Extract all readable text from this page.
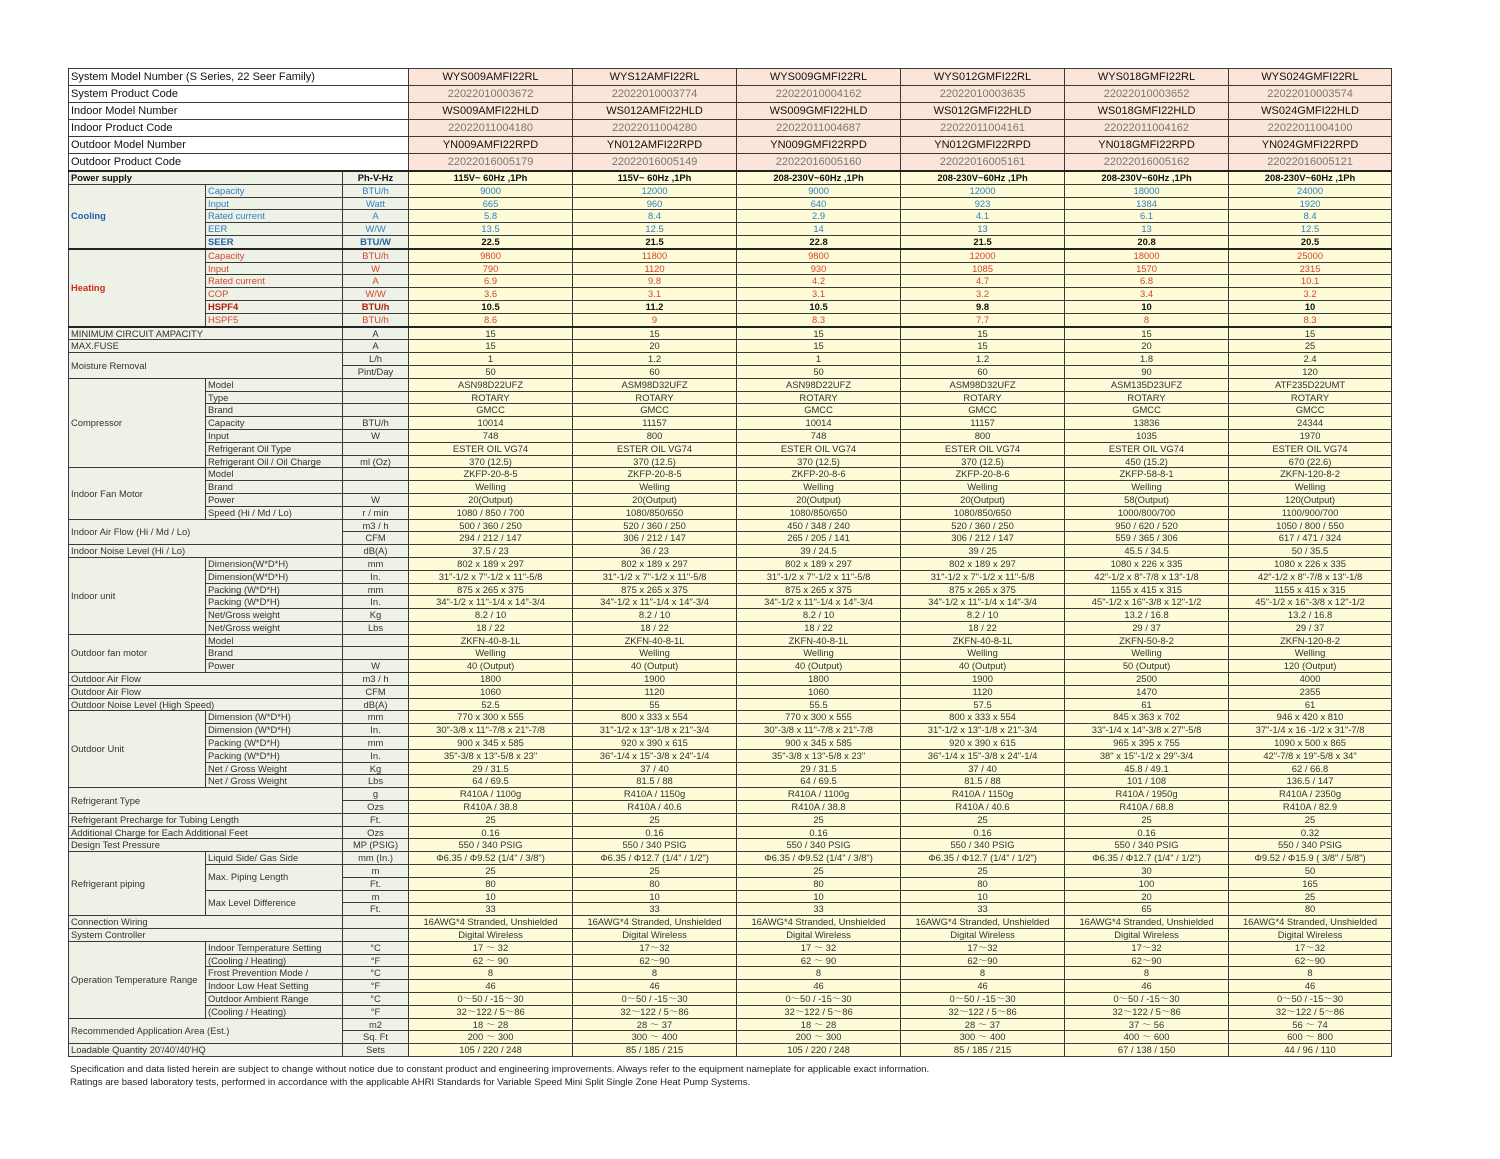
System Model Number (S Series, 22 Seer Family)			WYS009AMFI22RL	WYS12AMFI22RL	WYS009GMFI22RL	WYS012GMFI22RL	WYS018GMFI22RL	WYS024GMFI22RL
System Product Code			22022010003672	22022010003774	22022010004162	22022010003635	22022010003652	22022010003574
Indoor Model Number			WS009AMFI22HLD	WS012AMFI22HLD	WS009GMFI22HLD	WS012GMFI22HLD	WS018GMFI22HLD	WS024GMFI22HLD
Indoor Product Code			22022011004180	22022011004280	22022011004687	22022011004161	22022011004162	22022011004100
Outdoor Model Number			YN009AMFI22RPD	YN012AMFI22RPD	YN009GMFI22RPD	YN012GMFI22RPD	YN018GMFI22RPD	YN024GMFI22RPD
Outdoor Product Code			22022016005179	22022016005149	22022016005160	22022016005161	22022016005162	22022016005121
Power supply		Ph-V-Hz	115V~ 60Hz ,1Ph	115V~ 60Hz ,1Ph	208-230V~60Hz ,1Ph	208-230V~60Hz ,1Ph	208-230V~60Hz ,1Ph	208-230V~60Hz ,1Ph
Cooling	Capacity	BTU/h	9000	12000	9000	12000	18000	24000
	Input	Watt	665	960	640	923	1384	1920
	Rated current	A	5.8	8.4	2.9	4.1	6.1	8.4
	EER	W/W	13.5	12.5	14	13	13	12.5
	SEER	BTU/W	22.5	21.5	22.8	21.5	20.8	20.5
Heating	Capacity	BTU/h	9800	11800	9800	12000	18000	25000
	Input	W	790	1120	930	1085	1570	2315
	Rated current	A	6.9	9.8	4.2	4.7	6.8	10.1
	COP	W/W	3.6	3.1	3.1	3.2	3.4	3.2
	HSPF4	BTU/h	10.5	11.2	10.5	9.8	10	10
	HSPF5	BTU/h	8.6	9	8.3	7.7	8	8.3
MINIMUM CIRCUIT AMPACITY		A	15	15	15	15	15	15
MAX.FUSE		A	15	20	15	15	20	25
Moisture Removal		L/h	1	1.2	1	1.2	1.8	2.4
		Pint/Day	50	60	50	60	90	120
Compressor	Model		ASN98D22UFZ	ASM98D32UFZ	ASN98D22UFZ	ASM98D32UFZ	ASM135D23UFZ	ATF235D22UMT
	Type		ROTARY	ROTARY	ROTARY	ROTARY	ROTARY	ROTARY
	Brand		GMCC	GMCC	GMCC	GMCC	GMCC	GMCC
	Capacity	BTU/h	10014	11157	10014	11157	13836	24344
	Input	W	748	800	748	800	1035	1970
	Refrigerant Oil Type		ESTER OIL VG74	ESTER OIL VG74	ESTER OIL VG74	ESTER OIL VG74	ESTER OIL VG74	ESTER OIL VG74
	Refrigerant Oil / Oil Charge	ml (Oz)	370 (12.5)	370 (12.5)	370 (12.5)	370 (12.5)	450 (15.2)	670 (22.6)
Indoor Fan Motor	Model		ZKFP-20-8-5	ZKFP-20-8-5	ZKFP-20-8-6	ZKFP-20-8-6	ZKFP-58-8-1	ZKFN-120-8-2
	Brand		Welling	Welling	Welling	Welling	Welling	Welling
	Power	W	20(Output)	20(Output)	20(Output)	20(Output)	58(Output)	120(Output)
	Speed (Hi / Md / Lo)	r / min	1080 / 850 / 700	1080/850/650	1080/850/650	1080/850/650	1000/800/700	1100/900/700
Indoor Air Flow (Hi / Md / Lo)		m3 / h	500 / 360 / 250	520 / 360 / 250	450 / 348 / 240	520 / 360 / 250	950 / 620 / 520	1050 / 800 / 550
		CFM	294 / 212 / 147	306 / 212 / 147	265 / 205 / 141	306 / 212 / 147	559 / 365 / 306	617 / 471 / 324
Indoor Noise Level (Hi / Lo)		dB(A)	37.5 / 23	36 / 23	39 / 24.5	39 / 25	45.5 / 34.5	50 / 35.5
Indoor unit	Dimension(W*D*H)	mm	802 x 189 x 297	802 x 189 x 297	802 x 189 x 297	802 x 189 x 297	1080 x 226 x 335	1080 x 226 x 335
	Dimension(W*D*H)	In.	31"-1/2 x 7"-1/2 x 11"-5/8	31"-1/2 x 7"-1/2 x 11"-5/8	31"-1/2 x 7"-1/2 x 11"-5/8	31"-1/2 x 7"-1/2 x 11"-5/8	42"-1/2 x 8"-7/8 x 13"-1/8	42"-1/2 x 8"-7/8 x 13"-1/8
	Packing (W*D*H)	mm	875 x 265 x 375	875 x 265 x 375	875 x 265 x 375	875 x 265 x 375	1155 x 415 x 315	1155 x 415 x 315
	Packing (W*D*H)	In.	34"-1/2 x 11"-1/4 x 14"-3/4	34"-1/2 x 11"-1/4 x 14"-3/4	34"-1/2 x 11"-1/4 x 14"-3/4	34"-1/2 x 11"-1/4 x 14"-3/4	45"-1/2 x 16"-3/8 x 12"-1/2	45"-1/2 x 16"-3/8 x 12"-1/2
	Net/Gross weight	Kg	8.2 / 10	8.2 / 10	8.2 / 10	8.2 / 10	13.2 / 16.8	13.2 / 16.8
	Net/Gross weight	Lbs	18 / 22	18 / 22	18 / 22	18 / 22	29 / 37	29 / 37
Outdoor fan motor	Model		ZKFN-40-8-1L	ZKFN-40-8-1L	ZKFN-40-8-1L	ZKFN-40-8-1L	ZKFN-50-8-2	ZKFN-120-8-2
	Brand		Welling	Welling	Welling	Welling	Welling	Welling
	Power	W	40 (Output)	40 (Output)	40 (Output)	40 (Output)	50 (Output)	120 (Output)
Outdoor Air Flow		m3 / h	1800	1900	1800	1900	2500	4000
Outdoor Air Flow		CFM	1060	1120	1060	1120	1470	2355
Outdoor Noise Level (High Speed)		dB(A)	52.5	55	55.5	57.5	61	61
Outdoor Unit	Dimension (W*D*H)	mm	770 x 300 x 555	800 x 333 x 554	770 x 300 x 555	800 x 333 x 554	845 x 363 x 702	946 x 420 x 810
	Dimension (W*D*H)	In.	30"-3/8 x 11"-7/8 x 21"-7/8	31"-1/2 x 13"-1/8 x 21"-3/4	30"-3/8 x 11"-7/8 x 21"-7/8	31"-1/2 x 13"-1/8 x 21"-3/4	33"-1/4 x 14"-3/8 x 27"-5/8	37"-1/4 x 16 -1/2 x 31"-7/8
	Packing (W*D*H)	mm	900 x 345 x 585	920 x 390 x 615	900 x 345 x 585	920 x 390 x 615	965 x 395 x 755	1090 x 500 x 865
	Packing (W*D*H)	In.	35"-3/8 x 13"-5/8 x 23"	36"-1/4 x 15"-3/8 x 24"-1/4	35"-3/8 x 13"-5/8 x 23"	36"-1/4 x 15"-3/8 x 24"-1/4	38" x 15"-1/2 x 29"-3/4	42"-7/8 x 19"-5/8 x 34"
	Net / Gross Weight	Kg	29 / 31.5	37 / 40	29 / 31.5	37 / 40	45.8 / 49.1	62 / 66.8
	Net / Gross Weight	Lbs	64 / 69.5	81.5 / 88	64 / 69.5	81.5 / 88	101 / 108	136.5 / 147
Refrigerant Type		g	R410A / 1100g	R410A / 1150g	R410A / 1100g	R410A / 1150g	R410A / 1950g	R410A / 2350g
		Ozs	R410A / 38.8	R410A / 40.6	R410A / 38.8	R410A / 40.6	R410A / 68.8	R410A / 82.9
Refrigerant Precharge for Tubing Length		Ft.	25	25	25	25	25	25
Additional Charge for Each Additional Feet		Ozs	0.16	0.16	0.16	0.16	0.16	0.32
Design Test Pressure		MP (PSIG)	550 / 340 PSIG	550 / 340 PSIG	550 / 340 PSIG	550 / 340 PSIG	550 / 340 PSIG	550 / 340 PSIG
Refrigerant piping	Liquid Side/ Gas Side	mm (In.)	Φ6.35 / Φ9.52 (1/4" / 3/8")	Φ6.35 / Φ12.7 (1/4" / 1/2")	Φ6.35 / Φ9.52 (1/4" / 3/8")	Φ6.35 / Φ12.7 (1/4" / 1/2")	Φ6.35 / Φ12.7 (1/4" / 1/2")	Φ9.52 / Φ15.9 ( 3/8" / 5/8")
	Max. Piping Length	m	25	25	25	25	30	50
		Ft.	80	80	80	80	100	165
	Max Level Difference	m	10	10	10	10	20	25
		Ft.	33	33	33	33	65	80
Connection Wiring			16AWG*4 Stranded, Unshielded	16AWG*4 Stranded, Unshielded	16AWG*4 Stranded, Unshielded	16AWG*4 Stranded, Unshielded	16AWG*4 Stranded, Unshielded	16AWG*4 Stranded, Unshielded
System Controller			Digital Wireless	Digital Wireless	Digital Wireless	Digital Wireless	Digital Wireless	Digital Wireless
Operation Temperature Range	Indoor Temperature Setting	°C	17 ～ 32	17～32	17 ～ 32	17～32	17～32	17～32
	(Cooling / Heating)	°F	62 ～ 90	62～90	62 ～ 90	62～90	62～90	62～90
	Frost Prevention Mode /	°C	8	8	8	8	8	8
	Indoor Low Heat Setting	°F	46	46	46	46	46	46
	Outdoor Ambient Range	°C	0～50 / -15～30	0～50 / -15～30	0～50 / -15～30	0～50 / -15～30	0～50 / -15～30	0～50 / -15～30
	(Cooling / Heating)	°F	32～122 / 5～86	32～122 / 5～86	32～122 / 5～86	32～122 / 5～86	32～122 / 5～86	32～122 / 5～86
Recommended Application Area (Est.)		m2	18 ～ 28	28 ～ 37	18 ～ 28	28 ～ 37	37 ～ 56	56 ～ 74
		Sq. Ft	200 ～ 300	300 ～ 400	200 ～ 300	300 ～ 400	400 ～ 600	600 ～ 800
Loadable Quantity 20'/40'/40'HQ		Sets	105 / 220 / 248	85 / 185 / 215	105 / 220 / 248	85 / 185 / 215	67 / 138 / 150	44 / 96 / 110
Specification and data listed herein are subject to change without notice due to constant product and engineering improvements. Always refer to the equipment nameplate for applicable exact information.
Ratings are based laboratory tests, performed in accordance with the applicable AHRI Standards for Variable Speed Mini Split Single Zone Heat Pump Systems.
